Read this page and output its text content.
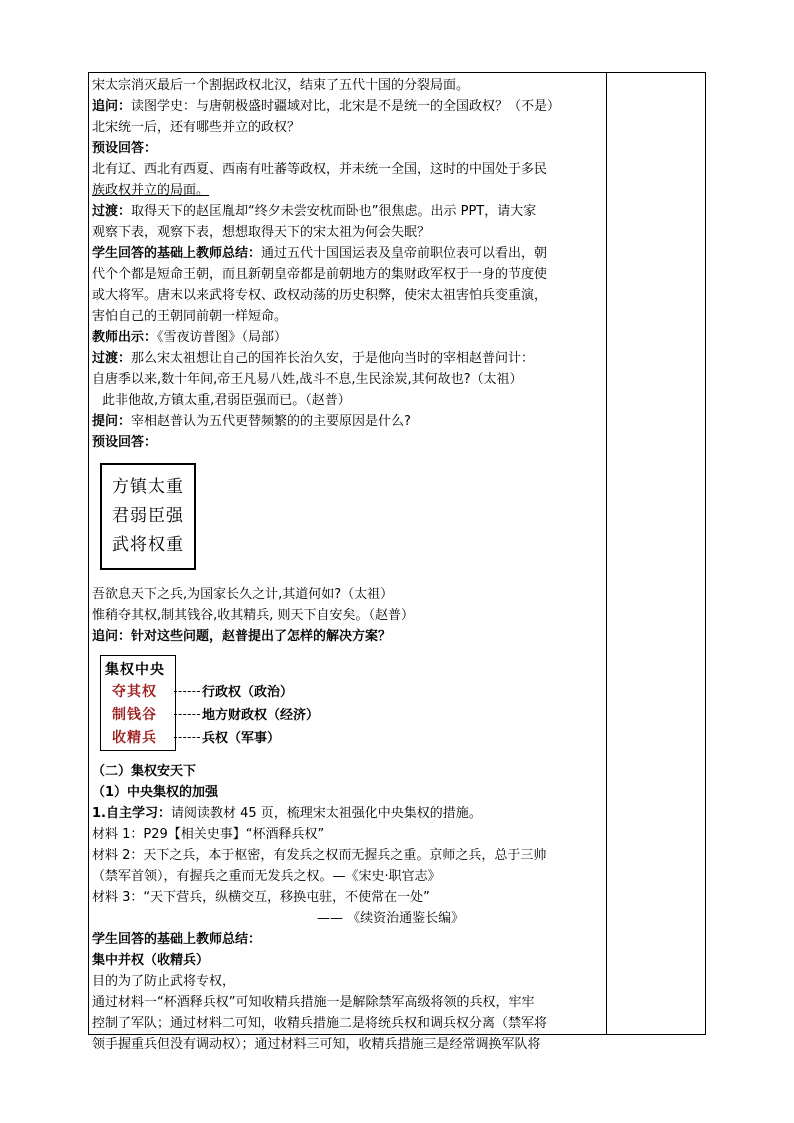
宋太宗消灭最后一个割据政权北汉，结束了五代十国的分裂局面。

追问：读图学史：与唐朝极盛时疆域对比，北宋是不是统一的全国政权？（不是）

北宋统一后，还有哪些并立的政权？

预设回答：

北有辽、西北有西夏、西南有吐蕃等政权，并未统一全国，这时的中国处于多民

族政权并立的局面。

过渡：取得天下的赵匡胤却“终夕未尝安枕而卧也”很焦虑。出示 PPT，请大家

观察下表，观察下表，想想取得天下的宋太祖为何会失眠？

学生回答的基础上教师总结：通过五代十国国运表及皇帝前职位表可以看出，朝

代个个都是短命王朝，而且新朝皇帝都是前朝地方的集财政军权于一身的节度使

或大将军。唐末以来武将专权、政权动荡的历史积弊，使宋太祖害怕兵变重演，

害怕自己的王朝同前朝一样短命。

教师出示：《雪夜访普图》（局部）

过渡：那么宋太祖想让自己的国祚长治久安，于是他向当时的宰相赵普问计：

自唐季以来,数十年间,帝王凡易八姓,战斗不息,生民涂炭,其何故也?（太祖）

此非他故,方镇太重,君弱臣强而已。（赵普）

提问：宰相赵普认为五代更替频繁的的主要原因是什么?

预设回答：

方镇太重
君弱臣强
武将权重

吾欲息天下之兵,为国家长久之计,其道何如?（太祖）

惟稍夺其权,制其钱谷,收其精兵, 则天下自安矣。（赵普）

追问：针对这些问题，赵普提出了怎样的解决方案？

集权中央
夺其权
制钱谷
收精兵
行政权（政治）
地方财政权（经济）
兵权（军事）

（二）集权安天下

（1）中央集权的加强

1.自主学习：请阅读教材 45 页，梳理宋太祖强化中央集权的措施。

材料 1：P29【相关史事】“杯酒释兵权”

材料 2：天下之兵，本于枢密，有发兵之权而无握兵之重。京师之兵，总于三帅

（禁军首领），有握兵之重而无发兵之权。—《宋史·职官志》

材料 3：“天下营兵，纵横交互，移换屯驻，不使常在一处”

—— 《续资治通鉴长编》

学生回答的基础上教师总结：

集中并权（收精兵）

目的为了防止武将专权，

通过材料一“杯酒释兵权”可知收精兵措施一是解除禁军高级将领的兵权，牢牢

控制了军队；通过材料二可知，收精兵措施二是将统兵权和调兵权分离（禁军将

领手握重兵但没有调动权）；通过材料三可知，收精兵措施三是经常调换军队将
